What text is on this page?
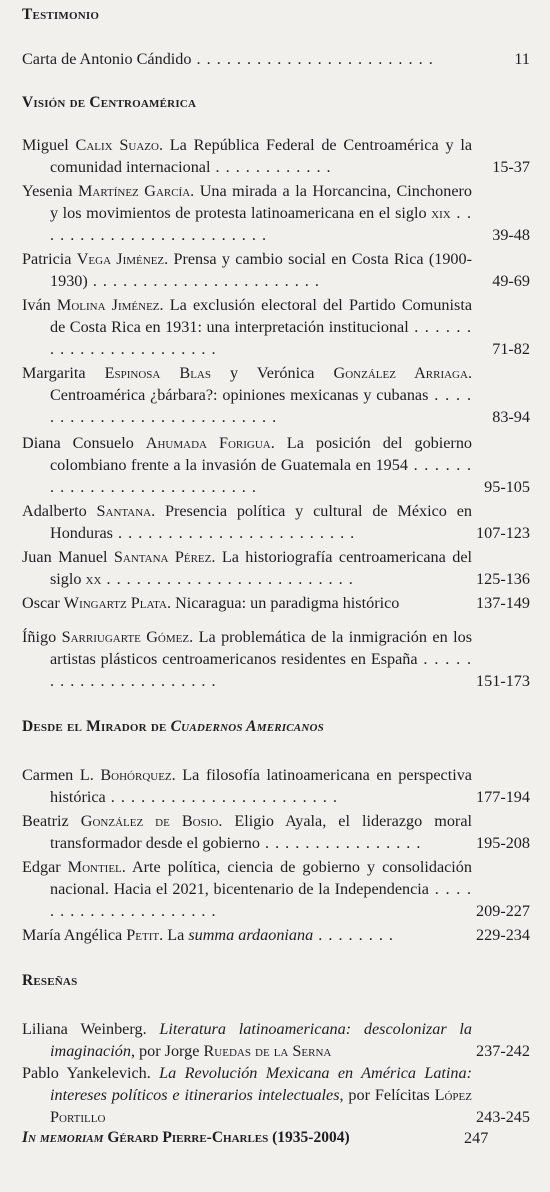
Testimonio
Carta de Antonio Cándido . . . . . . . . . . . . . . . . . . . . . . . .	11
Visión de Centroamérica
Miguel Calix Suazo. La República Federal de Centroamérica y la comunidad internacional . . . . . . . . . . . .	15-37
Yesenia Martínez García. Una mirada a la Horcancina, Cinchonero y los movimientos de protesta latinoamericana en el siglo xix . . . . . . . . . . . . . . . . . . . . . . . .	39-48
Patricia Vega Jiménez. Prensa y cambio social en Costa Rica (1900-1930) . . . . . . . . . . . . . . . . . . . . . . .	49-69
Iván Molina Jiménez. La exclusión electoral del Partido Comunista de Costa Rica en 1931: una interpretación institucional . . . . . . . . . . . . . . . . . . . . . . .	71-82
Margarita Espinosa Blas y Verónica González Arriaga. Centroamérica ¿bárbara?: opiniones mexicanas y cubanas . . . . . . . . . . . . . . . . . . . . . . . . . . .	83-94
Diana Consuelo Ahumada Forigua. La posición del gobierno colombiano frente a la invasión de Guatemala en 1954 . . . . . . . . . . . . . . . . . . . . . . . . . . .	95-105
Adalberto Santana. Presencia política y cultural de México en Honduras . . . . . . . . . . . . . . . . . . . . . . . .	107-123
Juan Manuel Santana Pérez. La historiografía centroamericana del siglo xx . . . . . . . . . . . . . . . . . . . . . . . . .	125-136
Oscar Wingartz Plata. Nicaragua: un paradigma histórico	137-149
Íñigo Sarriugarte Gómez. La problemática de la inmigración en los artistas plásticos centroamericanos residentes en España . . . . . . . . . . . . . . . . . . . . . .	151-173
Desde el Mirador de Cuadernos Americanos
Carmen L. Bohórquez. La filosofía latinoamericana en perspectiva histórica . . . . . . . . . . . . . . . . . . . . . . .	177-194
Beatriz González de Bosio. Eligio Ayala, el liderazgo moral transformador desde el gobierno . . . . . . . . . . . . . . . .	195-208
Edgar Montiel. Arte política, ciencia de gobierno y consolidación nacional. Hacia el 2021, bicentenario de la Independencia . . . . . . . . . . . . . . . . . . . . .	209-227
María Angélica Petit. La summa ardaoniana . . . . . . . .	229-234
Reseñas
Liliana Weinberg. Literatura latinoamericana: descolonizar la imaginación, por Jorge Ruedas de la Serna	237-242
Pablo Yankelevich. La Revolución Mexicana en América Latina: intereses políticos e itinerarios intelectuales, por Felícitas López Portillo	243-245
In memoriam Gérard Pierre-Charles (1935-2004)	247
